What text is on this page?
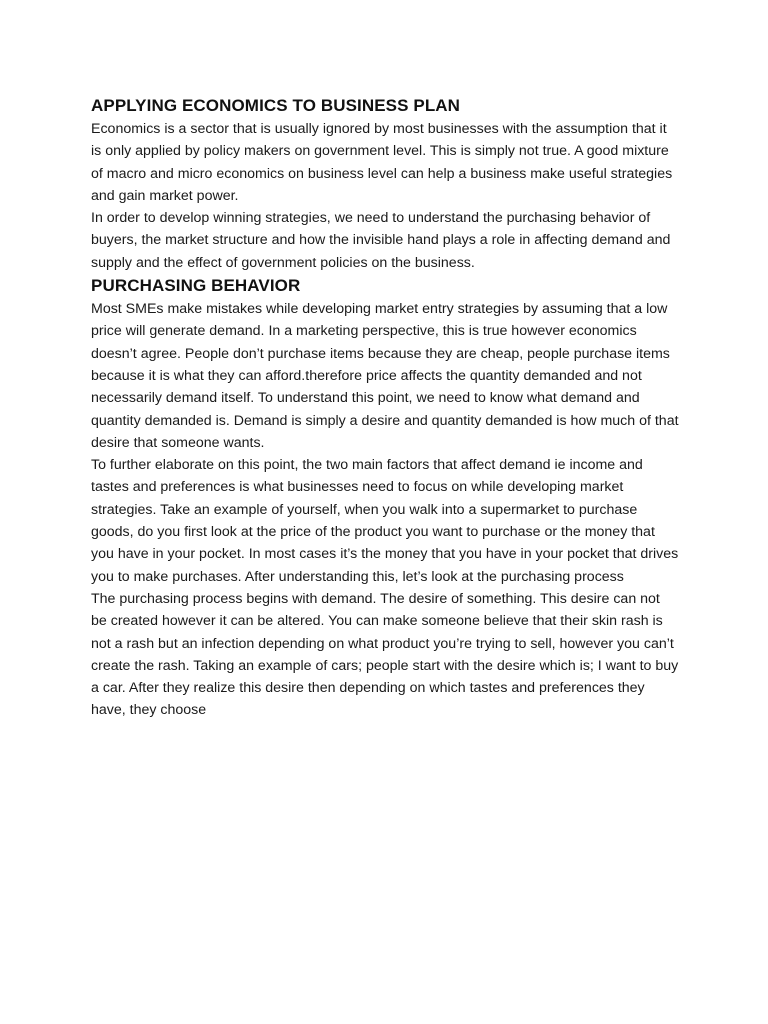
APPLYING ECONOMICS TO BUSINESS PLAN

Economics is a sector that is usually ignored by most businesses with the assumption that it is only applied by policy makers on government level. This is simply not true. A good mixture of macro and micro economics on business level can help a business make useful strategies and gain market power.

In order to develop winning strategies, we need to understand the purchasing behavior of buyers, the market structure and how the invisible hand plays a role in affecting demand and supply and the effect of government policies on the business.

PURCHASING BEHAVIOR

Most SMEs make mistakes while developing market entry strategies by assuming that a low price will generate demand. In a marketing perspective, this is true however economics doesn’t agree. People don’t purchase items because they are cheap, people purchase items because it is what they can afford.therefore price affects the quantity demanded and not necessarily demand itself. To understand this point, we need to know what demand and quantity demanded is. Demand is simply a desire and quantity demanded is how much of that desire that someone wants.

To further elaborate on this point, the two main factors that affect demand ie income and tastes and preferences is what businesses need to focus on while developing market strategies. Take an example of yourself, when you walk into a supermarket to purchase goods, do you first look at the price of the product you want to purchase or the money that you have in your pocket. In most cases it’s the money that you have in your pocket that drives you to make purchases. After understanding this, let’s look at the purchasing process

The purchasing process begins with demand. The desire of something. This desire can not be created however it can be altered. You can make someone believe that their skin rash is not a rash but an infection depending on what product you’re trying to sell, however you can’t create the rash. Taking an example of cars; people start with the desire which is; I want to buy a car. After they realize this desire then depending on which tastes and preferences they have, they choose
